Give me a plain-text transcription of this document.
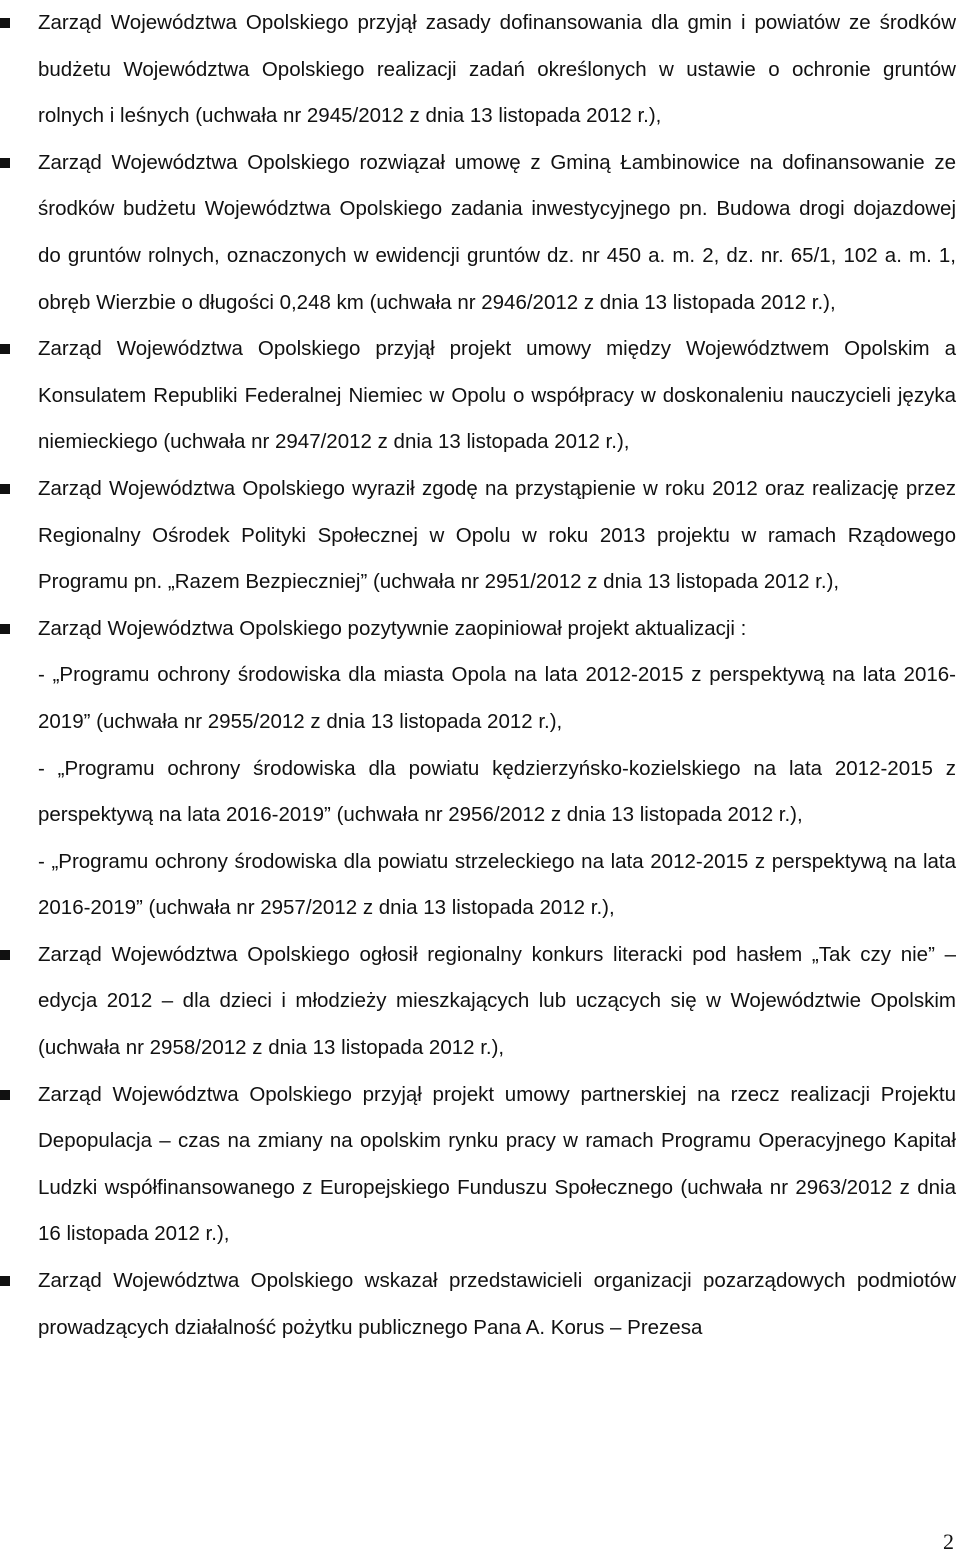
Zarząd Województwa Opolskiego przyjął zasady dofinansowania dla gmin i powiatów ze środków budżetu Województwa Opolskiego realizacji zadań określonych w ustawie o ochronie gruntów rolnych i leśnych (uchwała nr 2945/2012 z dnia 13 listopada 2012 r.),

Zarząd Województwa Opolskiego rozwiązał umowę z Gminą Łambinowice na dofinansowanie ze środków budżetu Województwa Opolskiego zadania inwestycyjnego pn. Budowa drogi dojazdowej do gruntów rolnych, oznaczonych w ewidencji gruntów dz. nr 450 a. m. 2, dz. nr. 65/1, 102 a. m. 1, obręb Wierzbie o długości 0,248 km (uchwała nr 2946/2012 z dnia 13 listopada 2012 r.),

Zarząd Województwa Opolskiego przyjął projekt umowy między Województwem Opolskim a Konsulatem Republiki Federalnej Niemiec w Opolu o współpracy w doskonaleniu nauczycieli języka niemieckiego (uchwała nr 2947/2012 z dnia 13 listopada 2012 r.),

Zarząd Województwa Opolskiego wyraził zgodę na przystąpienie w roku 2012 oraz realizację przez Regionalny Ośrodek Polityki Społecznej w Opolu w roku 2013 projektu w ramach Rządowego Programu pn. „Razem Bezpieczniej” (uchwała nr 2951/2012 z dnia 13 listopada 2012 r.),

Zarząd Województwa Opolskiego pozytywnie zaopiniował projekt aktualizacji :

- „Programu ochrony środowiska dla miasta Opola na lata 2012-2015 z perspektywą na lata 2016-2019” (uchwała nr 2955/2012 z dnia 13 listopada 2012 r.),

- „Programu ochrony środowiska dla powiatu kędzierzyńsko-kozielskiego na lata 2012-2015 z perspektywą na lata 2016-2019” (uchwała nr 2956/2012 z dnia 13 listopada 2012 r.),

- „Programu ochrony środowiska dla powiatu strzeleckiego na lata 2012-2015 z perspektywą na lata 2016-2019” (uchwała nr 2957/2012 z dnia 13 listopada 2012 r.),

Zarząd Województwa Opolskiego ogłosił regionalny konkurs literacki pod hasłem „Tak czy nie” – edycja 2012 – dla dzieci i młodzieży mieszkających lub uczących się w Województwie Opolskim (uchwała nr 2958/2012 z dnia 13 listopada 2012 r.),

Zarząd Województwa Opolskiego przyjął projekt umowy partnerskiej na rzecz realizacji Projektu Depopulacja – czas na zmiany na opolskim rynku pracy w ramach Programu Operacyjnego Kapitał Ludzki współfinansowanego z Europejskiego Funduszu Społecznego (uchwała nr 2963/2012 z dnia 16 listopada 2012 r.),

Zarząd Województwa Opolskiego wskazał przedstawicieli organizacji pozarządowych podmiotów prowadzących działalność pożytku publicznego Pana A. Korus – Prezesa

2
